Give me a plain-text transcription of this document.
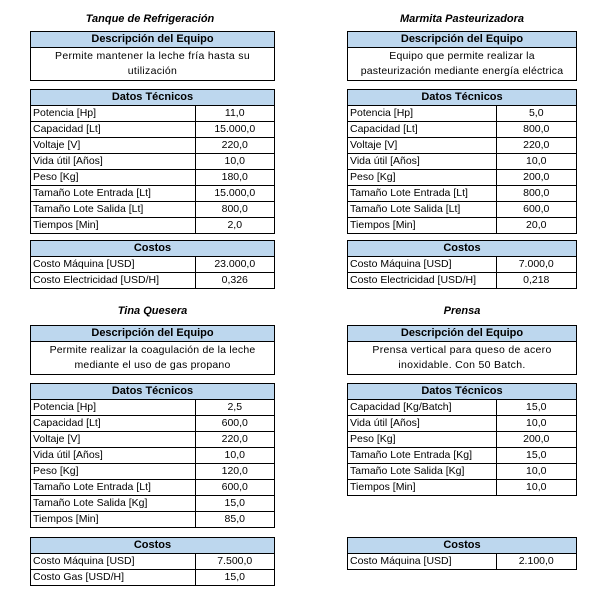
Tanque de Refrigeración
Descripción del Equipo
Permite mantener la leche fría hasta su
utilización
Datos Técnicos
Potencia [Hp]	11,0
Capacidad [Lt]	15.000,0
Voltaje [V]	220,0
Vida útil [Años]	10,0
Peso [Kg]	180,0
Tamaño Lote Entrada [Lt]	15.000,0
Tamaño Lote Salida [Lt]	800,0
Tiempos [Min]	2,0
Costos
Costo Máquina [USD]	23.000,0
Costo Electricidad [USD/H]	0,326
Marmita Pasteurizadora
Descripción del Equipo
Equipo que permite realizar la
pasteurización mediante energía eléctrica
Datos Técnicos
Potencia [Hp]	5,0
Capacidad [Lt]	800,0
Voltaje [V]	220,0
Vida útil [Años]	10,0
Peso [Kg]	200,0
Tamaño Lote Entrada [Lt]	800,0
Tamaño Lote Salida [Lt]	600,0
Tiempos [Min]	20,0
Costos
Costo Máquina [USD]	7.000,0
Costo Electricidad [USD/H]	0,218
Tina Quesera
Descripción del Equipo
Permite realizar la coagulación de la leche
mediante el uso de gas propano
Datos Técnicos
Potencia [Hp]	2,5
Capacidad [Lt]	600,0
Voltaje [V]	220,0
Vida útil [Años]	10,0
Peso [Kg]	120,0
Tamaño Lote Entrada [Lt]	600,0
Tamaño Lote Salida [Kg]	15,0
Tiempos [Min]	85,0
Costos
Costo Máquina [USD]	7.500,0
Costo Gas [USD/H]	15,0
Prensa
Descripción del Equipo
Prensa vertical para queso de acero
inoxidable. Con 50 Batch.
Datos Técnicos
Capacidad [Kg/Batch]	15,0
Vida útil [Años]	10,0
Peso [Kg]	200,0
Tamaño Lote Entrada [Kg]	15,0
Tamaño Lote Salida [Kg]	10,0
Tiempos [Min]	10,0
Costos
Costo Máquina [USD]	2.100,0
